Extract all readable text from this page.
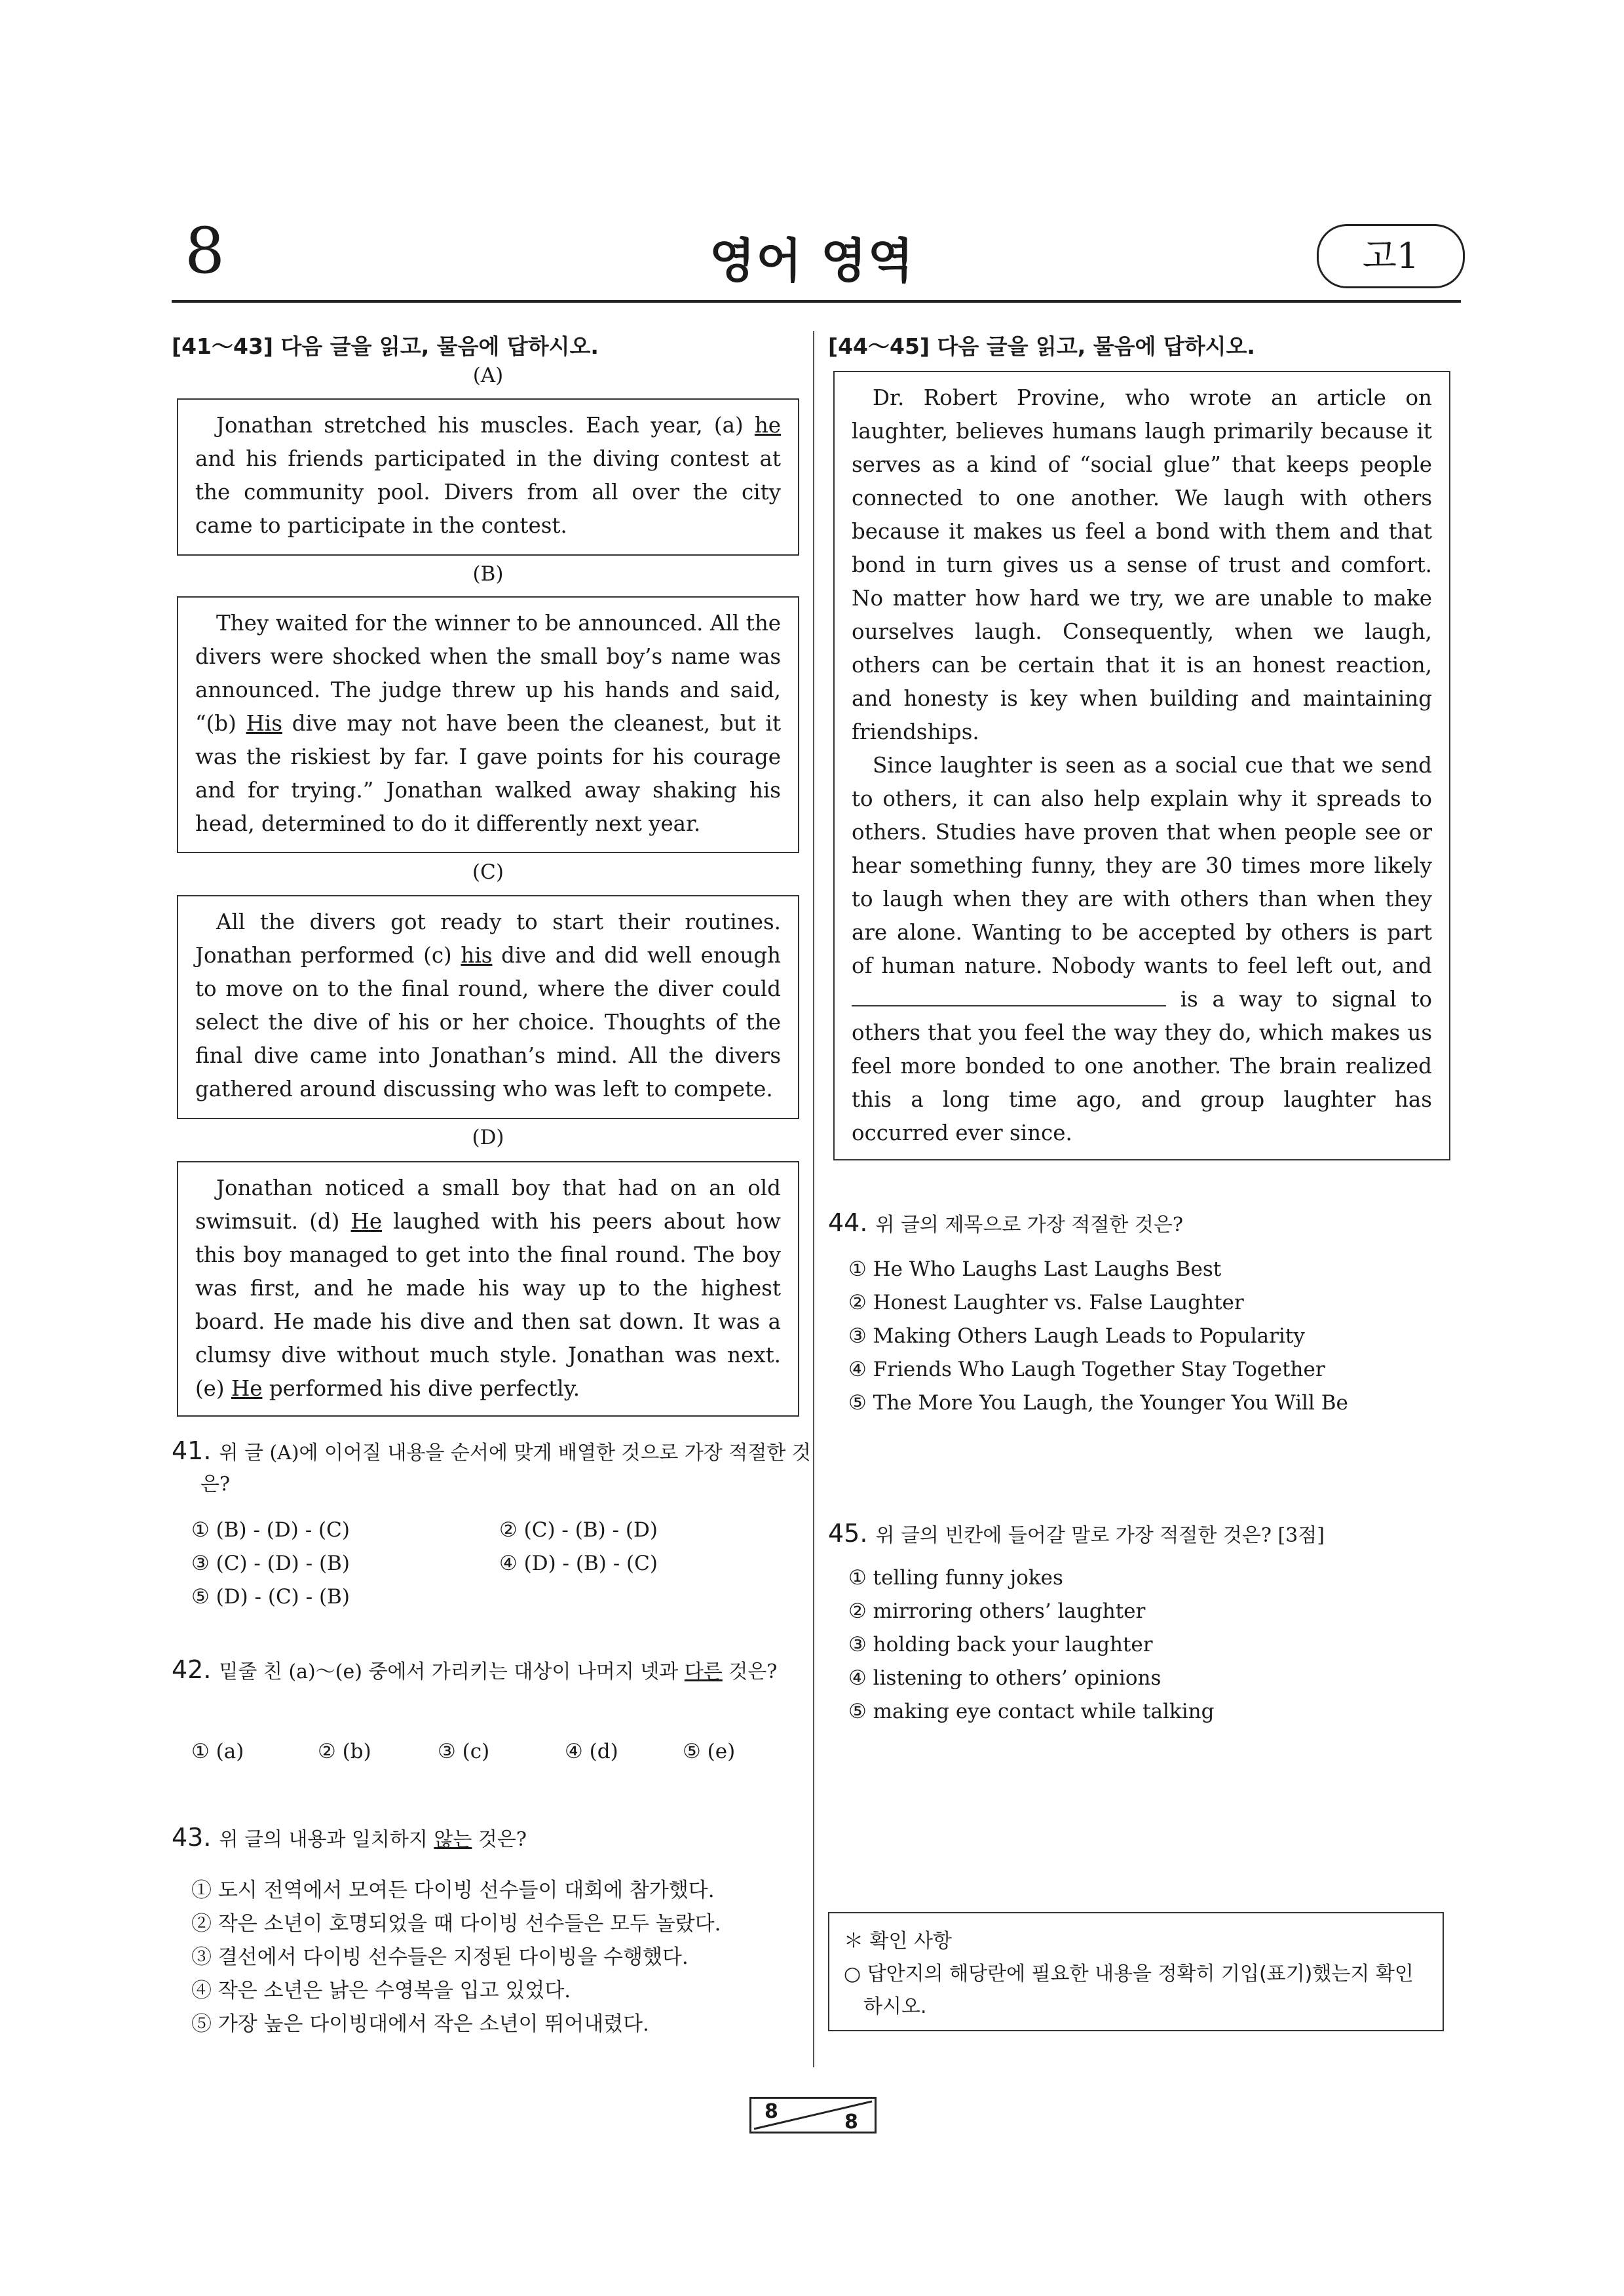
8	영어 영역	고1
[41～43] 다음 글을 읽고, 물음에 답하시오.
(A)

Jonathan stretched his muscles. Each year, (a) he and his friends participated in the diving contest at the community pool. Divers from all over the city came to participate in the contest.

(B)

They waited for the winner to be announced. All the divers were shocked when the small boy’s name was announced. The judge threw up his hands and said, “(b) His dive may not have been the cleanest, but it was the riskiest by far. I gave points for his courage and for trying.” Jonathan walked away shaking his head, determined to do it differently next year.

(C)

All the divers got ready to start their routines. Jonathan performed (c) his dive and did well enough to move on to the final round, where the diver could select the dive of his or her choice. Thoughts of the final dive came into Jonathan’s mind. All the divers gathered around discussing who was left to compete.

(D)

Jonathan noticed a small boy that had on an old swimsuit. (d) He laughed with his peers about how this boy managed to get into the final round. The boy was first, and he made his way up to the highest board. He made his dive and then sat down. It was a clumsy dive without much style. Jonathan was next. (e) He performed his dive perfectly.

41. 위 글 (A)에 이어질 내용을 순서에 맞게 배열한 것으로 가장 적절한 것은?
① (B) - (D) - (C)	② (C) - (B) - (D)
③ (C) - (D) - (B)	④ (D) - (B) - (C)
⑤ (D) - (C) - (B)
42. 밑줄 친 (a)～(e) 중에서 가리키는 대상이 나머지 넷과 다른 것은?
① (a)	② (b)	③ (c)	④ (d)	⑤ (e)
43. 위 글의 내용과 일치하지 않는 것은?
① 도시 전역에서 모여든 다이빙 선수들이 대회에 참가했다.
② 작은 소년이 호명되었을 때 다이빙 선수들은 모두 놀랐다.
③ 결선에서 다이빙 선수들은 지정된 다이빙을 수행했다.
④ 작은 소년은 낡은 수영복을 입고 있었다.
⑤ 가장 높은 다이빙대에서 작은 소년이 뛰어내렸다.
[44～45] 다음 글을 읽고, 물음에 답하시오.

Dr. Robert Provine, who wrote an article on laughter, believes humans laugh primarily because it serves as a kind of “social glue” that keeps people connected to one another. We laugh with others because it makes us feel a bond with them and that bond in turn gives us a sense of trust and comfort. No matter how hard we try, we are unable to make ourselves laugh. Consequently, when we laugh, others can be certain that it is an honest reaction, and honesty is key when building and maintaining friendships.

Since laughter is seen as a social cue that we send to others, it can also help explain why it spreads to others. Studies have proven that when people see or hear something funny, they are 30 times more likely to laugh when they are with others than when they are alone. Wanting to be accepted by others is part of human nature. Nobody wants to feel left out, and  is a way to signal to others that you feel the way they do, which makes us feel more bonded to one another. The brain realized this a long time ago, and group laughter has occurred ever since.

44. 위 글의 제목으로 가장 적절한 것은?
① He Who Laughs Last Laughs Best
② Honest Laughter vs. False Laughter
③ Making Others Laugh Leads to Popularity
④ Friends Who Laugh Together Stay Together
⑤ The More You Laugh, the Younger You Will Be
45. 위 글의 빈칸에 들어갈 말로 가장 적절한 것은? [3점]
① telling funny jokes
② mirroring others’ laughter
③ holding back your laughter
④ listening to others’ opinions
⑤ making eye contact while talking
＊ 확인 사항
○ 답안지의 해당란에 필요한 내용을 정확히 기입(표기)했는지 확인하시오.
8	8
